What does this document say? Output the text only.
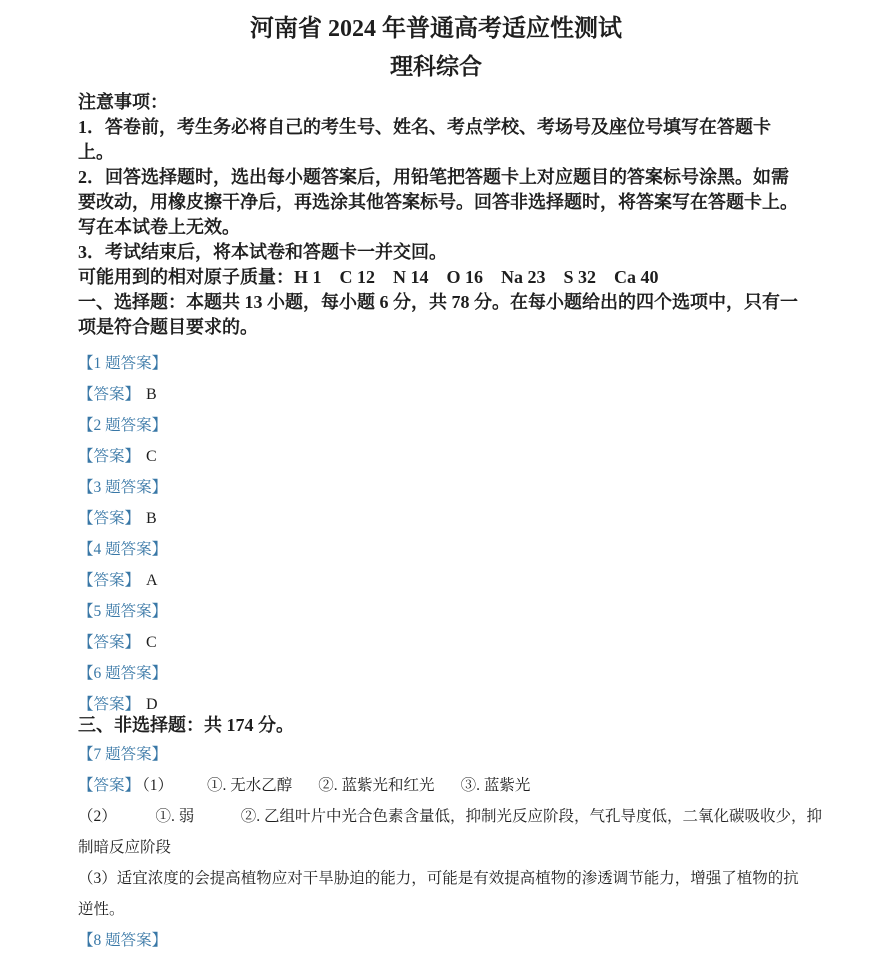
河南省 2024 年普通高考适应性测试
理科综合
注意事项：
1．答卷前，考生务必将自己的考生号、姓名、考点学校、考场号及座位号填写在答题卡
上。
2．回答选择题时，选出每小题答案后，用铅笔把答题卡上对应题目的答案标号涂黑。如需
要改动，用橡皮擦干净后，再选涂其他答案标号。回答非选择题时，将答案写在答题卡上。
写在本试卷上无效。
3．考试结束后，将本试卷和答题卡一并交回。
可能用到的相对原子质量：H 1　C 12　N 14　O 16　Na 23　S 32　Ca 40
一、选择题：本题共 13 小题，每小题 6 分，共 78 分。在每小题给出的四个选项中，只有一
项是符合题目要求的。
【1 题答案】
【答案】 B
【2 题答案】
【答案】 C
【3 题答案】
【答案】 B
【4 题答案】
【答案】 A
【5 题答案】
【答案】 C
【6 题答案】
【答案】 D
三、非选择题：共 174 分。
【7 题答案】
【答案】 （1） ①. 无水乙醇 ②. 蓝紫光和红光 ③. 蓝紫光
（2）　　　①. 弱　　　②. 乙组叶片中光合色素含量低，抑制光反应阶段，气孔导度低，二氧化碳吸收少，抑
制暗反应阶段
（3）适宜浓度的会提高植物应对干旱胁迫的能力，可能是有效提高植物的渗透调节能力，增强了植物的抗
逆性。
【8 题答案】
